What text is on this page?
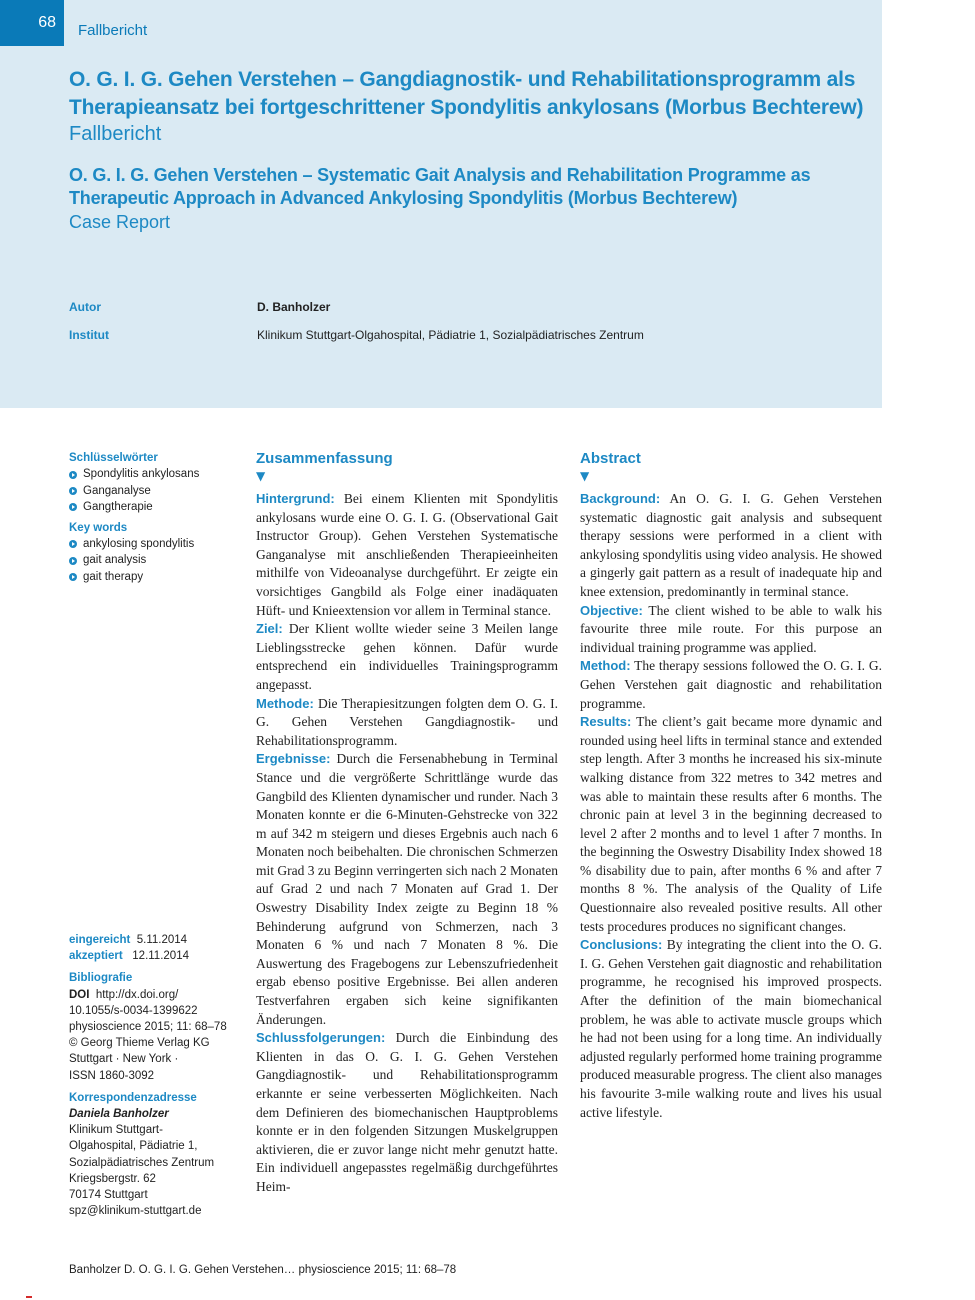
68	Fallbericht
O. G. I. G. Gehen Verstehen – Gangdiagnostik- und Rehabilitationsprogramm als Therapieansatz bei fortgeschrittener Spondylitis ankylosans (Morbus Bechterew)
Fallbericht
O. G. I. G. Gehen Verstehen – Systematic Gait Analysis and Rehabilitation Programme as Therapeutic Approach in Advanced Ankylosing Spondylitis (Morbus Bechterew)
Case Report
Autor	D. Banholzer
Institut	Klinikum Stuttgart-Olgahospital, Pädiatrie 1, Sozialpädiatrisches Zentrum
Schlüsselwörter
Spondylitis ankylosans
Ganganalyse
Gangtherapie
Key words
ankylosing spondylitis
gait analysis
gait therapy
eingereicht 5.11.2014
akzeptiert 12.11.2014
Bibliografie
DOI http://dx.doi.org/
10.1055/s-0034-1399622
physioscience 2015; 11: 68–78
© Georg Thieme Verlag KG
Stuttgart · New York ·
ISSN 1860-3092
Korrespondenzadresse
Daniela Banholzer
Klinikum Stuttgart-
Olgahospital, Pädiatrie 1,
Sozialpädiatrisches Zentrum
Kriegsbergstr. 62
70174 Stuttgart
spz@klinikum-stuttgart.de
Zusammenfassung
▼

Hintergrund: Bei einem Klienten mit Spondylitis ankylosans wurde eine O. G. I. G. (Observational Gait Instructor Group). Gehen Verstehen Systematische Ganganalyse mit anschließenden Therapieeinheiten mithilfe von Videoanalyse durchgeführt. Er zeigte ein vorsichtiges Gangbild als Folge einer inadäquaten Hüft- und Knieextension vor allem in Terminal stance.

Ziel: Der Klient wollte wieder seine 3 Meilen lange Lieblingsstrecke gehen können. Dafür wurde entsprechend ein individuelles Trainingsprogramm angepasst.

Methode: Die Therapiesitzungen folgten dem O. G. I. G. Gehen Verstehen Gangdiagnostik- und Rehabilitationsprogramm.

Ergebnisse: Durch die Fersenabhebung in Terminal Stance und die vergrößerte Schrittlänge wurde das Gangbild des Klienten dynamischer und runder. Nach 3 Monaten konnte er die 6-Minuten-Gehstrecke von 322 m auf 342 m steigern und dieses Ergebnis auch nach 6 Monaten noch beibehalten. Die chronischen Schmerzen mit Grad 3 zu Beginn verringerten sich nach 2 Monaten auf Grad 2 und nach 7 Monaten auf Grad 1. Der Oswestry Disability Index zeigte zu Beginn 18 % Behinderung aufgrund von Schmerzen, nach 3 Monaten 6 % und nach 7 Monaten 8 %. Die Auswertung des Fragebogens zur Lebenszufriedenheit ergab ebenso positive Ergebnisse. Bei allen anderen Testverfahren ergaben sich keine signifikanten Änderungen.

Schlussfolgerungen: Durch die Einbindung des Klienten in das O. G. I. G. Gehen Verstehen Gangdiagnostik- und Rehabilitationsprogramm erkannte er seine verbesserten Möglichkeiten. Nach dem Definieren des biomechanischen Hauptproblems konnte er in den folgenden Sitzungen Muskelgruppen aktivieren, die er zuvor lange nicht mehr genutzt hatte. Ein individuell angepasstes regelmäßig durchgeführtes Heim-

Abstract
▼

Background: An O. G. I. G. Gehen Verstehen systematic diagnostic gait analysis and subsequent therapy sessions were performed in a client with ankylosing spondylitis using video analysis. He showed a gingerly gait pattern as a result of inadequate hip and knee extension, predominantly in terminal stance.

Objective: The client wished to be able to walk his favourite three mile route. For this purpose an individual training programme was applied.

Method: The therapy sessions followed the O. G. I. G. Gehen Verstehen gait diagnostic and rehabilitation programme.

Results: The client’s gait became more dynamic and rounded using heel lifts in terminal stance and extended step length. After 3 months he increased his six-minute walking distance from 322 metres to 342 metres and was able to maintain these results after 6 months. The chronic pain at level 3 in the beginning decreased to level 2 after 2 months and to level 1 after 7 months. In the beginning the Oswestry Disability Index showed 18 % disability due to pain, after months 6 % and after 7 months 8 %. The analysis of the Quality of Life Questionnaire also revealed positive results. All other tests procedures produces no significant changes.

Conclusions: By integrating the client into the O. G. I. G. Gehen Verstehen gait diagnostic and rehabilitation programme, he recognised his improved prospects. After the definition of the main biomechanical problem, he was able to activate muscle groups which he had not been using for a long time. An individually adjusted regularly performed home training programme produced measurable progress. The client also manages his favourite 3-mile walking route and lives his usual active lifestyle.

Banholzer D. O. G. I. G. Gehen Verstehen… physioscience 2015; 11: 68–78
